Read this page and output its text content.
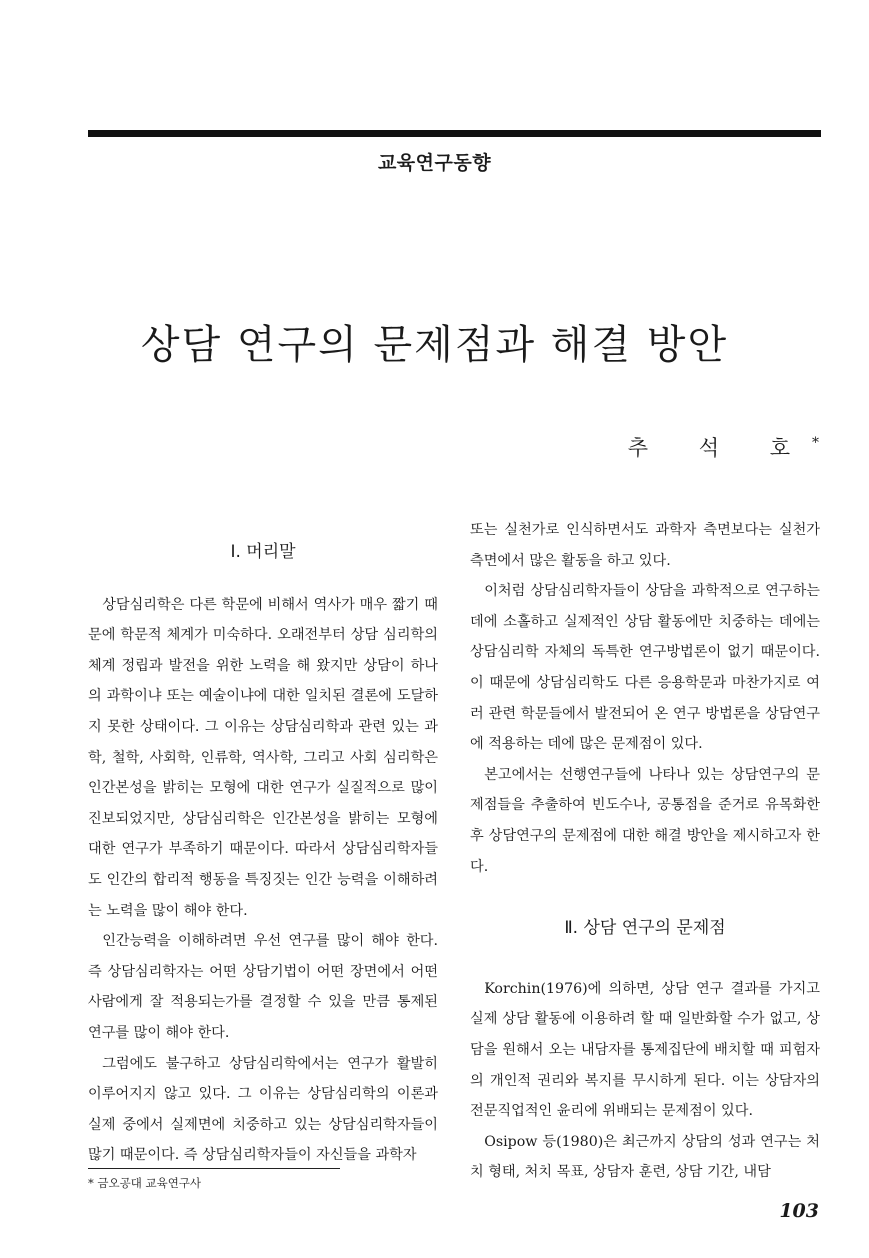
교육연구동향
상담 연구의 문제점과 해결 방안
추 석 호*
Ⅰ. 머리말

상담심리학은 다른 학문에 비해서 역사가 매우 짧기 때문에 학문적 체계가 미숙하다. 오래전부터 상담 심리학의 체계 정립과 발전을 위한 노력을 해 왔지만 상담이 하나의 과학이냐 또는 예술이냐에 대한 일치된 결론에 도달하지 못한 상태이다. 그 이유는 상담심리학과 관련 있는 과학, 철학, 사회학, 인류학, 역사학, 그리고 사회 심리학은 인간본성을 밝히는 모형에 대한 연구가 실질적으로 많이 진보되었지만, 상담심리학은 인간본성을 밝히는 모형에 대한 연구가 부족하기 때문이다. 따라서 상담심리학자들도 인간의 합리적 행동을 특징짓는 인간 능력을 이해하려는 노력을 많이 해야 한다.

인간능력을 이해하려면 우선 연구를 많이 해야 한다. 즉 상담심리학자는 어떤 상담기법이 어떤 장면에서 어떤 사람에게 잘 적용되는가를 결정할 수 있을 만큼 통제된 연구를 많이 해야 한다.

그럼에도 불구하고 상담심리학에서는 연구가 활발히 이루어지지 않고 있다. 그 이유는 상담심리학의 이론과 실제 중에서 실제면에 치중하고 있는 상담심리학자들이 많기 때문이다. 즉 상담심리학자들이 자신들을 과학자

또는 실천가로 인식하면서도 과학자 측면보다는 실천가 측면에서 많은 활동을 하고 있다.

이처럼 상담심리학자들이 상담을 과학적으로 연구하는 데에 소홀하고 실제적인 상담 활동에만 치중하는 데에는 상담심리학 자체의 독특한 연구방법론이 없기 때문이다. 이 때문에 상담심리학도 다른 응용학문과 마찬가지로 여러 관련 학문들에서 발전되어 온 연구 방법론을 상담연구에 적용하는 데에 많은 문제점이 있다.

본고에서는 선행연구들에 나타나 있는 상담연구의 문제점들을 추출하여 빈도수나, 공통점을 준거로 유목화한 후 상담연구의 문제점에 대한 해결 방안을 제시하고자 한다.

Ⅱ. 상담 연구의 문제점

Korchin(1976)에 의하면, 상담 연구 결과를 가지고 실제 상담 활동에 이용하려 할 때 일반화할 수가 없고, 상담을 원해서 오는 내담자를 통제집단에 배치할 때 피험자의 개인적 권리와 복지를 무시하게 된다. 이는 상담자의 전문직업적인 윤리에 위배되는 문제점이 있다.

Osipow 등(1980)은 최근까지 상담의 성과 연구는 처치 형태, 처치 목표, 상담자 훈련, 상담 기간, 내담

* 금오공대 교육연구사
103
